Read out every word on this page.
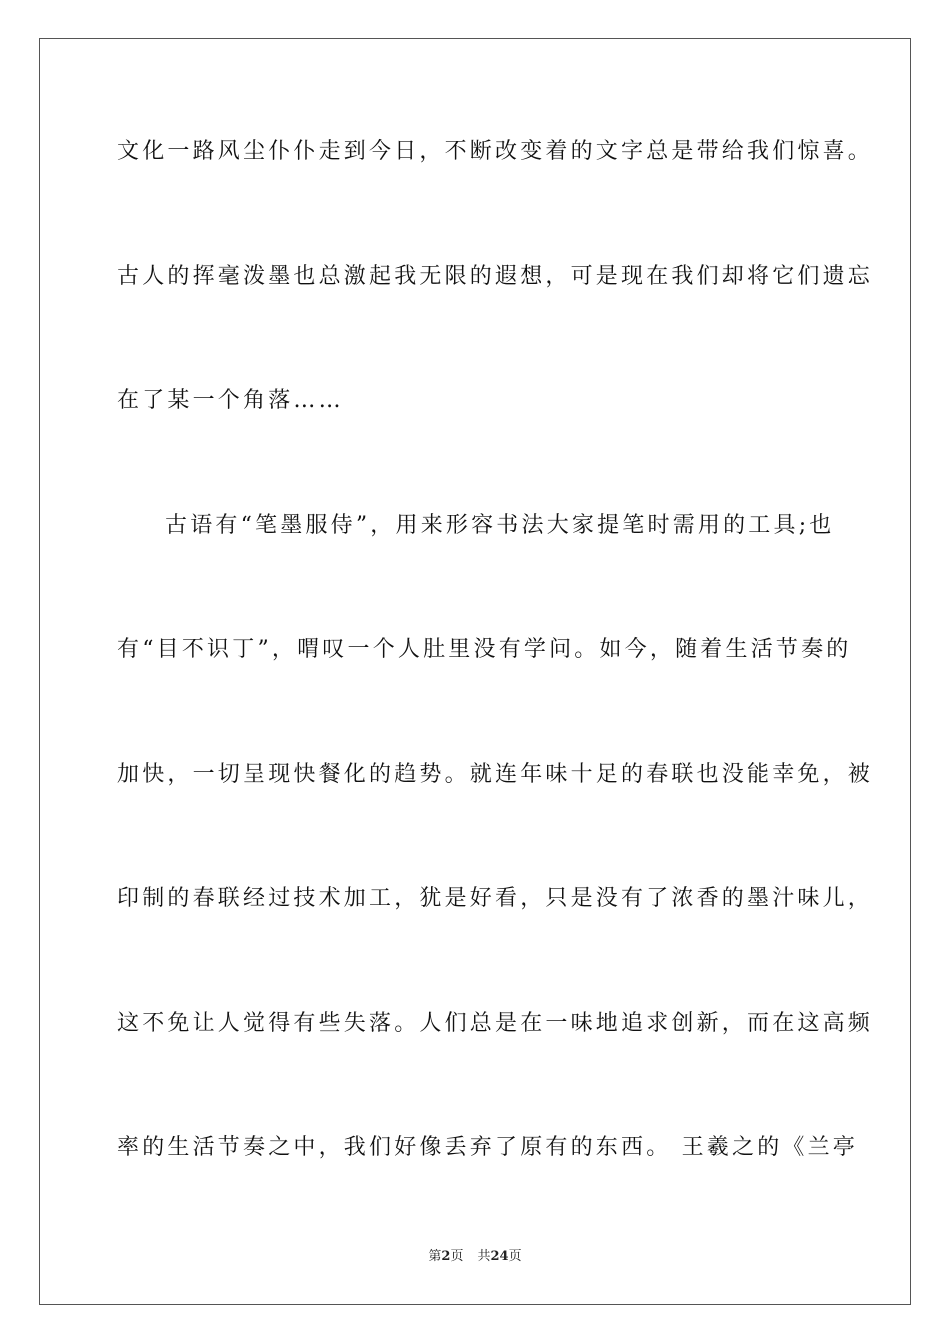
文化一路风尘仆仆走到今日，不断改变着的文字总是带给我们惊喜。
古人的挥毫泼墨也总激起我无限的遐想，可是现在我们却将它们遗忘
在了某一个角落……
古语有“笔墨服侍”，用来形容书法大家提笔时需用的工具;也
有“目不识丁”，喟叹一个人肚里没有学问。如今，随着生活节奏的
加快，一切呈现快餐化的趋势。就连年味十足的春联也没能幸免，被
印制的春联经过技术加工，犹是好看，只是没有了浓香的墨汁味儿，
这不免让人觉得有些失落。人们总是在一味地追求创新，而在这高频
率的生活节奏之中，我们好像丢弃了原有的东西。 王羲之的《兰亭
第2页 共24页
